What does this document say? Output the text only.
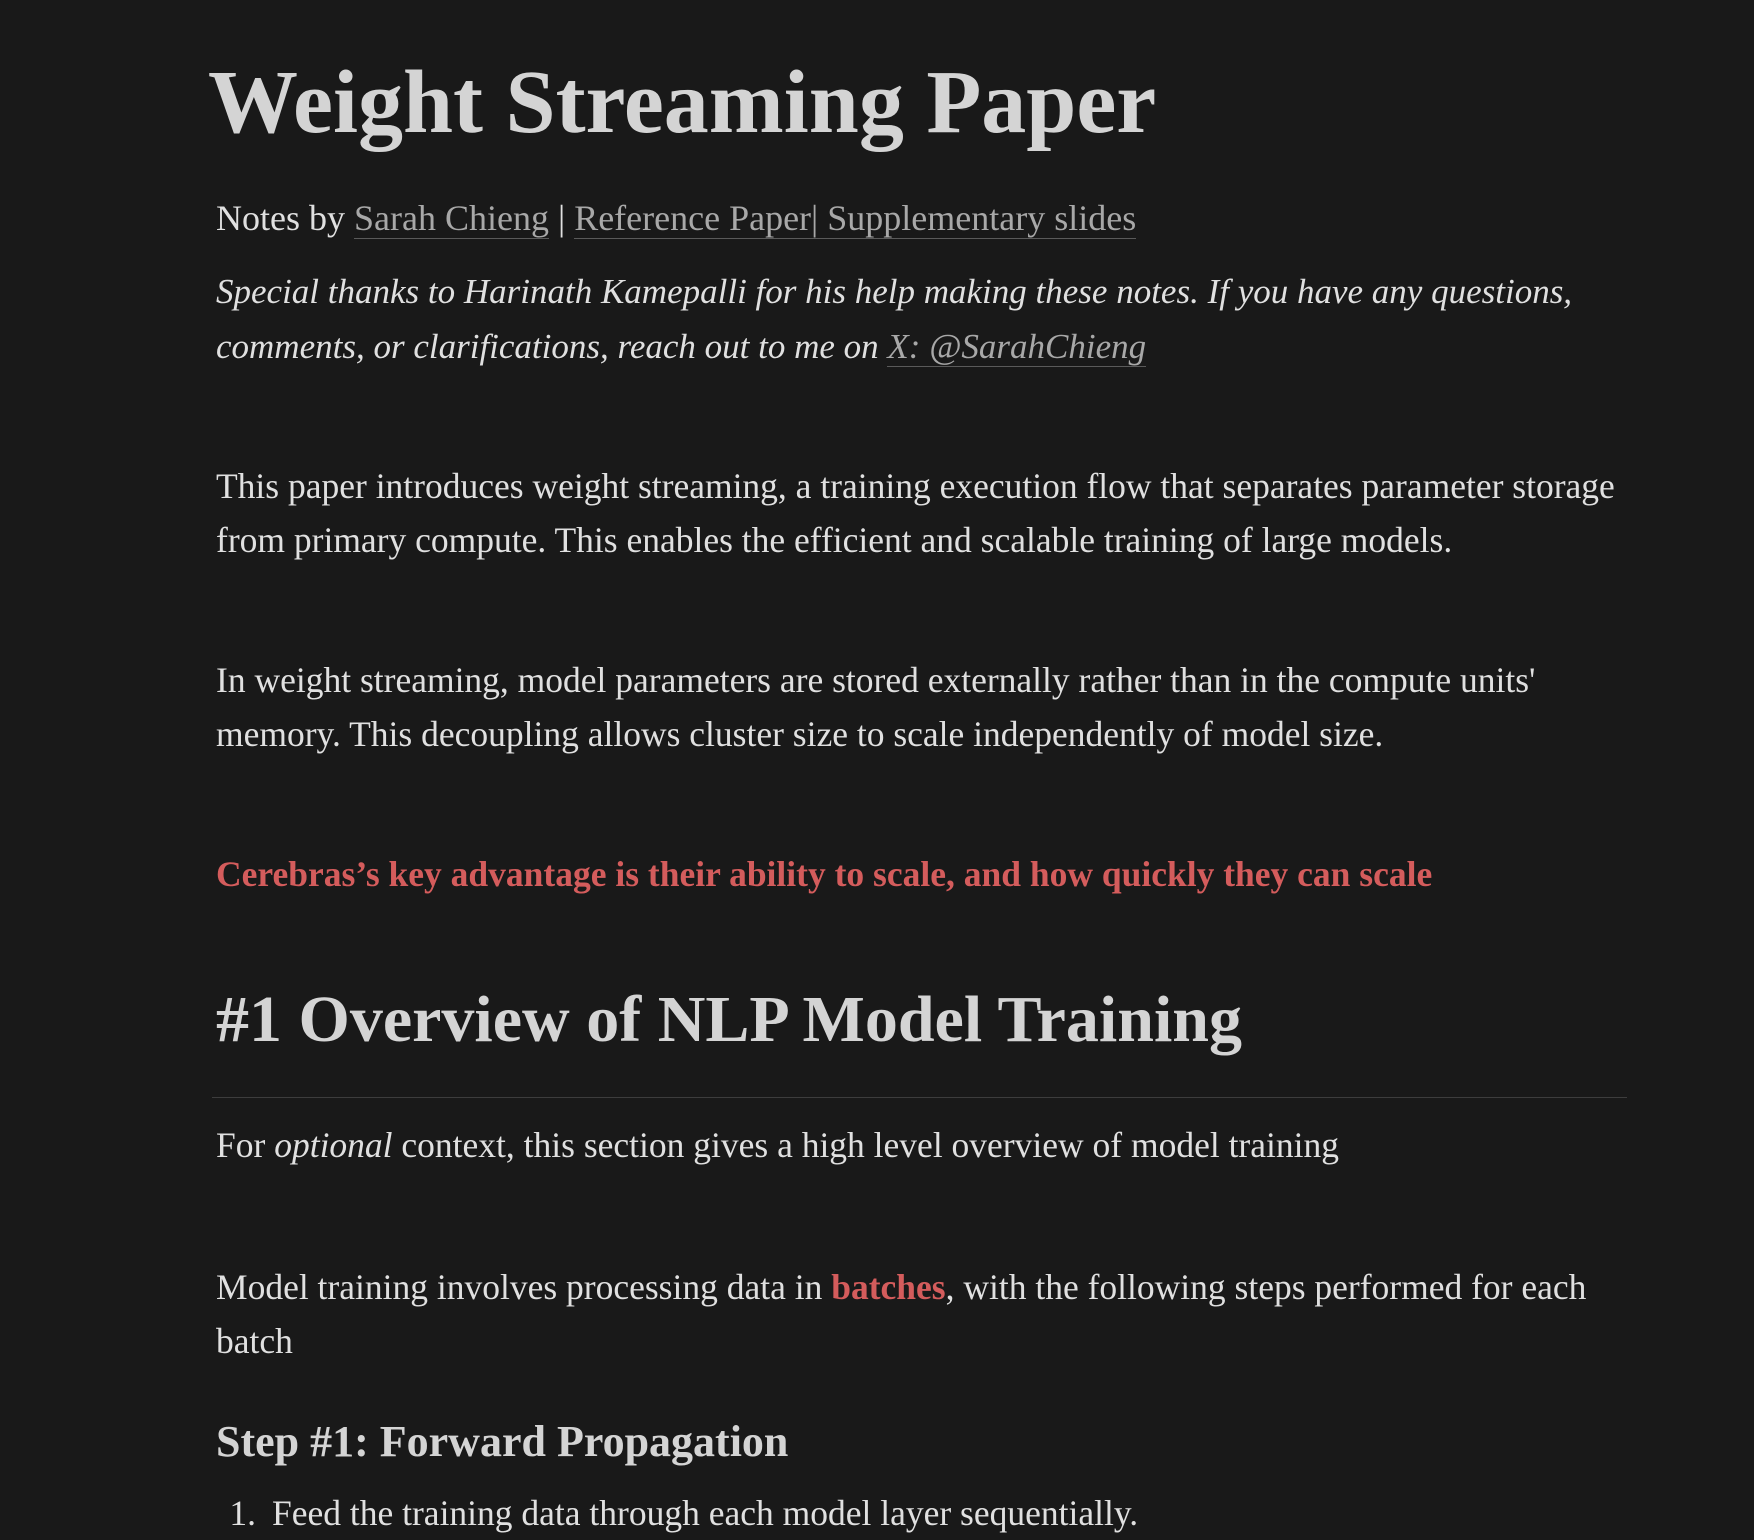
Weight Streaming Paper
Notes by Sarah Chieng | Reference Paper| Supplementary slides
Special thanks to Harinath Kamepalli for his help making these notes. If you have any questions, comments, or clarifications, reach out to me on X: @SarahChieng
This paper introduces weight streaming, a training execution flow that separates parameter storage from primary compute. This enables the efficient and scalable training of large models.
In weight streaming, model parameters are stored externally rather than in the compute units' memory. This decoupling allows cluster size to scale independently of model size.
Cerebras’s key advantage is their ability to scale, and how quickly they can scale
#1 Overview of NLP Model Training
For optional context, this section gives a high level overview of model training
Model training involves processing data in batches, with the following steps performed for each batch
Step #1: Forward Propagation
1. Feed the training data through each model layer sequentially.
